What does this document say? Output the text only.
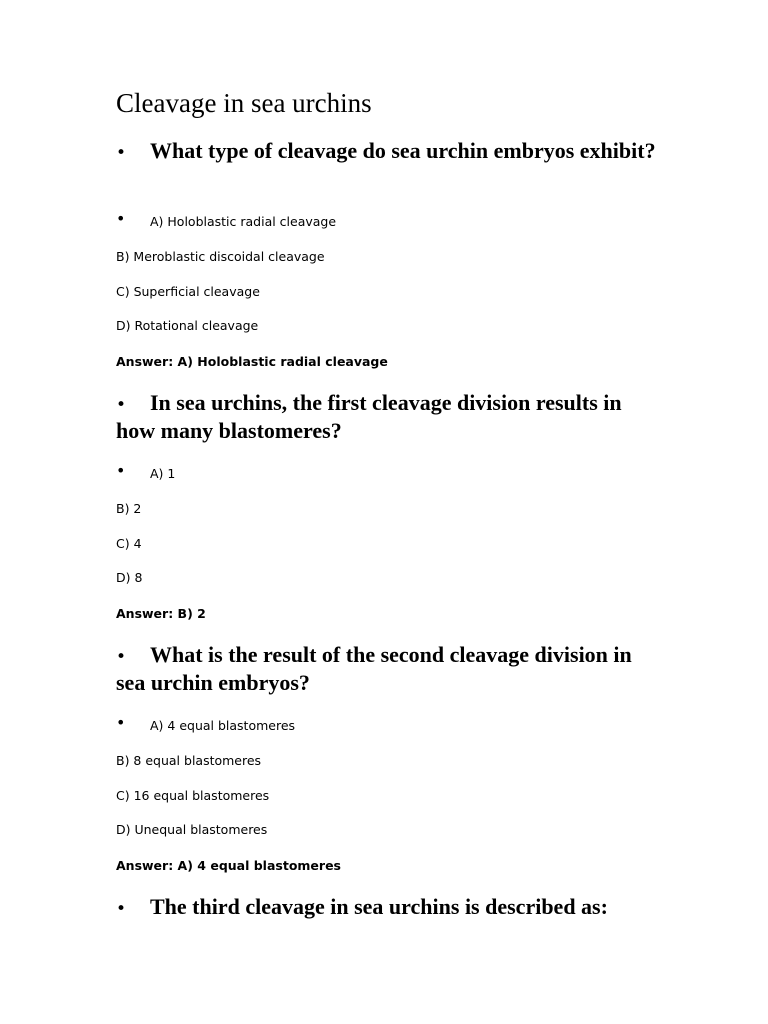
Cleavage in sea urchins
• What type of cleavage do sea urchin embryos exhibit?

• A) Holoblastic radial cleavage

B) Meroblastic discoidal cleavage

C) Superficial cleavage

D) Rotational cleavage

Answer: A) Holoblastic radial cleavage

• In sea urchins, the first cleavage division results in how many blastomeres?

• A) 1

B) 2

C) 4

D) 8

Answer: B) 2

• What is the result of the second cleavage division in sea urchin embryos?

• A) 4 equal blastomeres

B) 8 equal blastomeres

C) 16 equal blastomeres

D) Unequal blastomeres

Answer: A) 4 equal blastomeres

• The third cleavage in sea urchins is described as:
